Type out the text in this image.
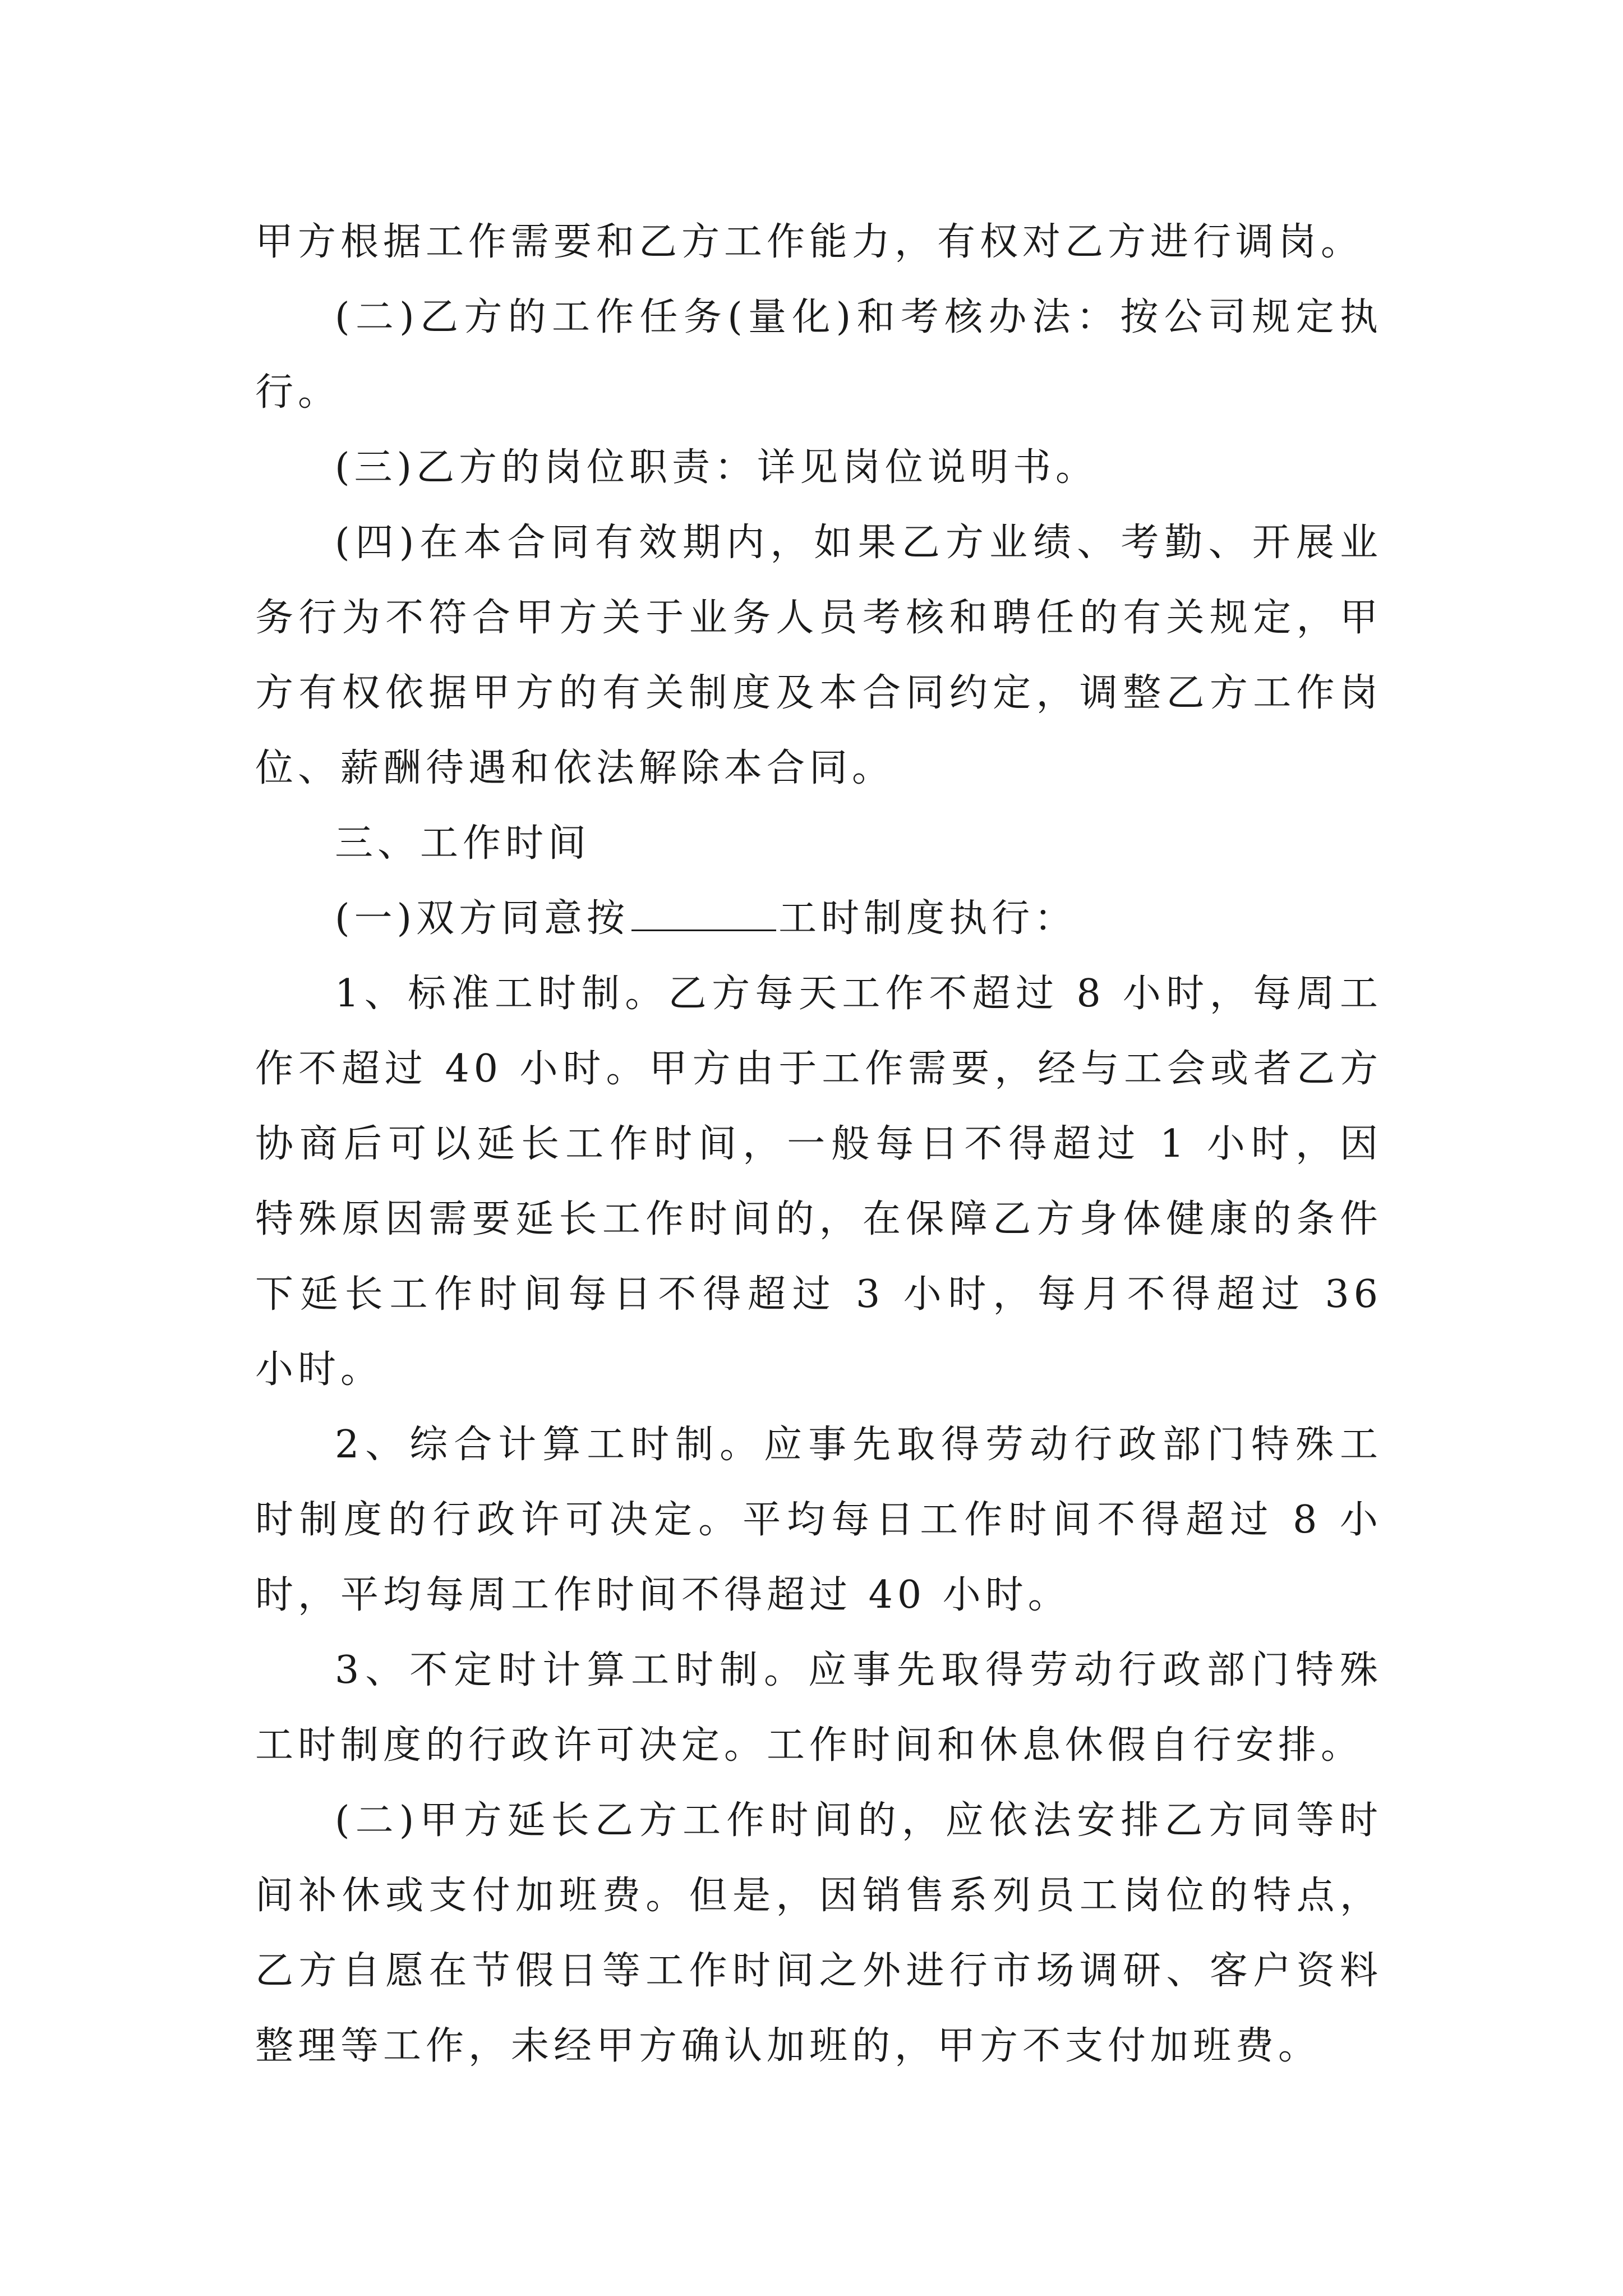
甲方根据工作需要和乙方工作能力，有权对乙方进行调岗。

(二)乙方的工作任务(量化)和考核办法：按公司规定执行。

(三)乙方的岗位职责：详见岗位说明书。

(四)在本合同有效期内，如果乙方业绩、考勤、开展业务行为不符合甲方关于业务人员考核和聘任的有关规定，甲方有权依据甲方的有关制度及本合同约定，调整乙方工作岗位、薪酬待遇和依法解除本合同。

三、工作时间

(一)双方同意按	工时制度执行：

1、标准工时制。乙方每天工作不超过 8 小时，每周工作不超过 40 小时。甲方由于工作需要，经与工会或者乙方协商后可以延长工作时间，一般每日不得超过 1 小时，因特殊原因需要延长工作时间的，在保障乙方身体健康的条件下延长工作时间每日不得超过 3 小时，每月不得超过 36 小时。

2、综合计算工时制。应事先取得劳动行政部门特殊工时制度的行政许可决定。平均每日工作时间不得超过 8 小时，平均每周工作时间不得超过 40 小时。

3、不定时计算工时制。应事先取得劳动行政部门特殊工时制度的行政许可决定。工作时间和休息休假自行安排。

(二)甲方延长乙方工作时间的，应依法安排乙方同等时间补休或支付加班费。但是，因销售系列员工岗位的特点，乙方自愿在节假日等工作时间之外进行市场调研、客户资料整理等工作，未经甲方确认加班的，甲方不支付加班费。
